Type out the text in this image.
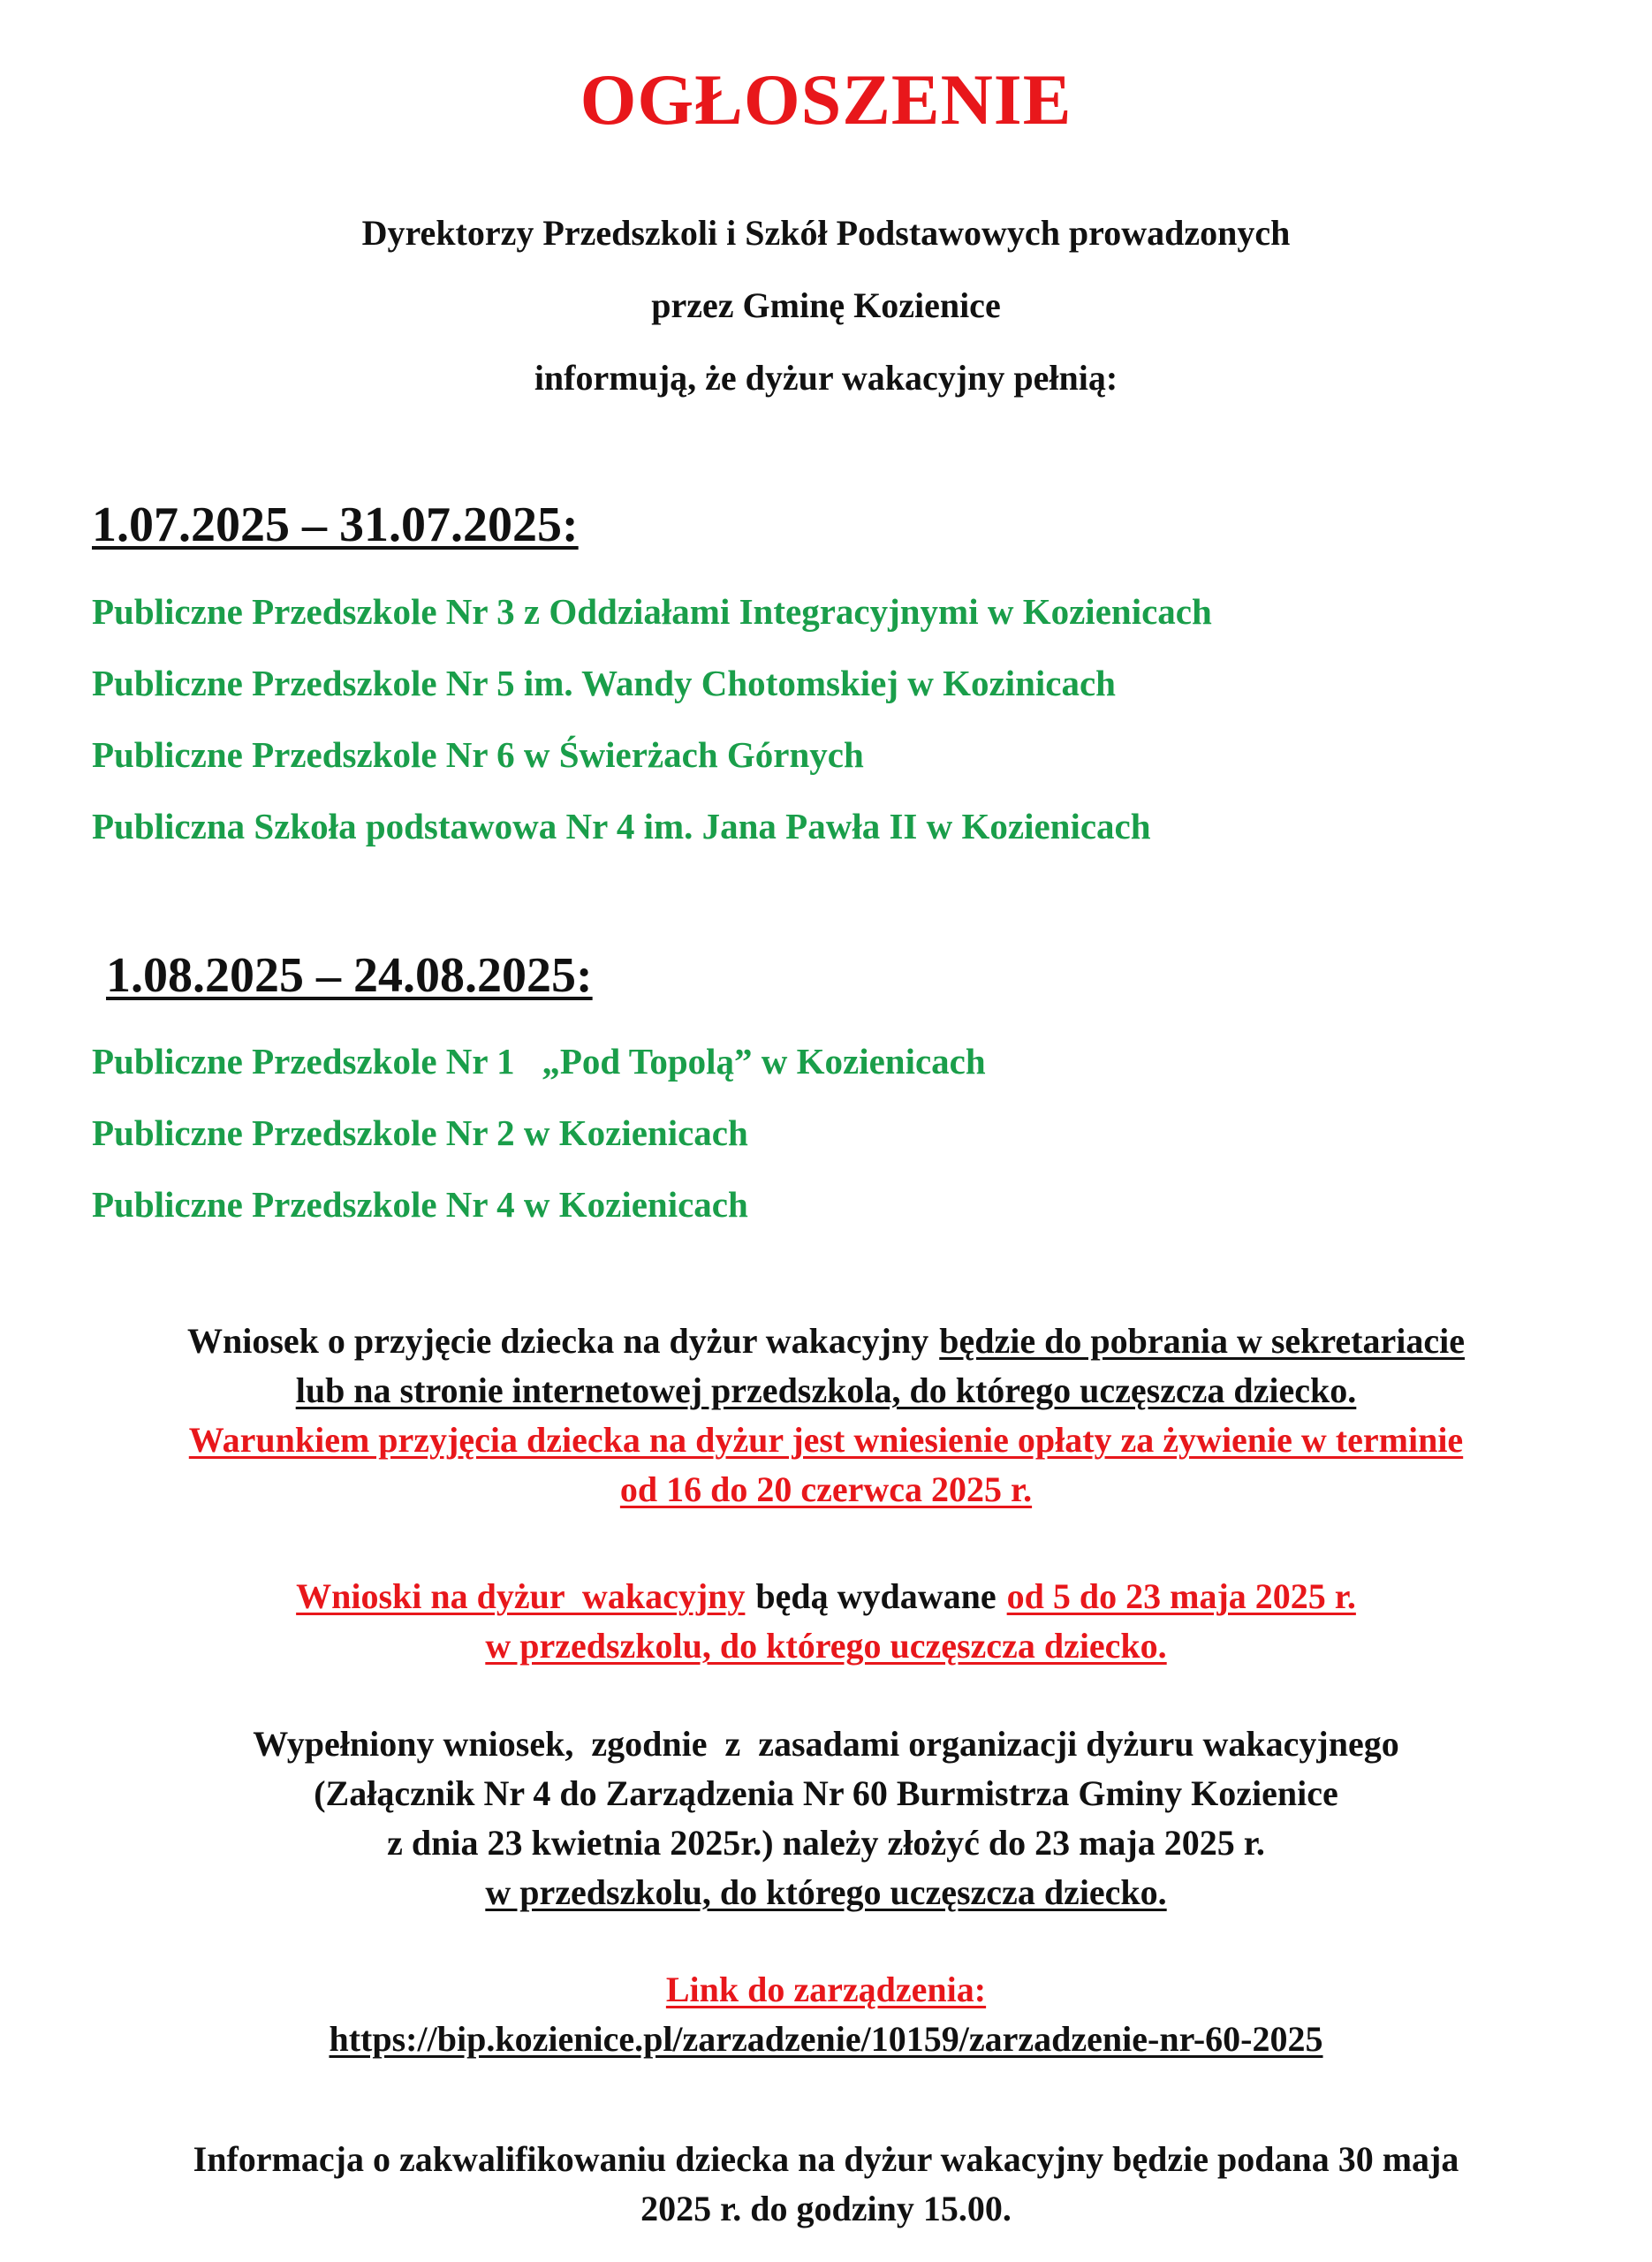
OGŁOSZENIE
Dyrektorzy Przedszkoli i Szkół Podstawowych prowadzonych
przez Gminę Kozienice
informują, że dyżur wakacyjny pełnią:
1.07.2025 – 31.07.2025:
Publiczne Przedszkole Nr 3 z Oddziałami Integracyjnymi w Kozienicach
Publiczne Przedszkole Nr 5 im. Wandy Chotomskiej w Kozinicach
Publiczne Przedszkole Nr 6 w Świerżach Górnych
Publiczna Szkoła podstawowa Nr 4 im. Jana Pawła II w Kozienicach
1.08.2025 – 24.08.2025:
Publiczne Przedszkole Nr 1   „Pod Topolą” w Kozienicach
Publiczne Przedszkole Nr 2 w Kozienicach
Publiczne Przedszkole Nr 4 w Kozienicach
Wniosek o przyjęcie dziecka na dyżur wakacyjny będzie do pobrania w sekretariacie
lub na stronie internetowej przedszkola, do którego uczęszcza dziecko.
Warunkiem przyjęcia dziecka na dyżur jest wniesienie opłaty za żywienie w terminie
od 16 do 20 czerwca 2025 r.
Wnioski na dyżur  wakacyjny będą wydawane od 5 do 23 maja 2025 r.
w przedszkolu, do którego uczęszcza dziecko.
Wypełniony wniosek,  zgodnie  z  zasadami organizacji dyżuru wakacyjnego
(Załącznik Nr 4 do Zarządzenia Nr 60 Burmistrza Gminy Kozienice
z dnia 23 kwietnia 2025r.) należy złożyć do 23 maja 2025 r.
w przedszkolu, do którego uczęszcza dziecko.
Link do zarządzenia:
https://bip.kozienice.pl/zarzadzenie/10159/zarzadzenie-nr-60-2025
Informacja o zakwalifikowaniu dziecka na dyżur wakacyjny będzie podana 30 maja
2025 r. do godziny 15.00.
